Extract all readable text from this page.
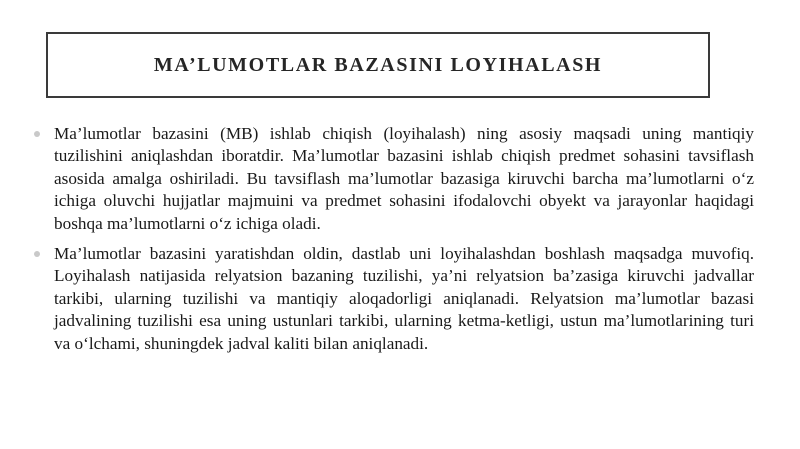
MA’LUMOTLAR BAZASINI LOYIHALASH

Ma’lumotlar bazasini (MB) ishlab chiqish (loyihalash) ning asosiy maqsadi uning mantiqiy tuzilishini aniqlashdan iboratdir. Ma’lumotlar bazasini ishlab chiqish predmet sohasini tavsiflash asosida amalga oshiriladi. Bu tavsiflash ma’lumotlar bazasiga kiruvchi barcha ma’lumotlarni o‘z ichiga oluvchi hujjatlar majmuini va predmet sohasini ifodalovchi obyekt va jarayonlar haqidagi boshqa ma’lumotlarni o‘z ichiga oladi.

Ma’lumotlar bazasini yaratishdan oldin, dastlab uni loyihalashdan boshlash maqsadga muvofiq. Loyihalash natijasida relyatsion bazaning tuzilishi, ya’ni relyatsion ba’zasiga kiruvchi jadvallar tarkibi, ularning tuzilishi va mantiqiy aloqadorligi aniqlanadi. Relyatsion ma’lumotlar bazasi jadvalining tuzilishi esa uning ustunlari tarkibi, ularning ketma-ketligi, ustun ma’lumotlarining turi va o‘lchami, shuningdek jadval kaliti bilan aniqlanadi.
